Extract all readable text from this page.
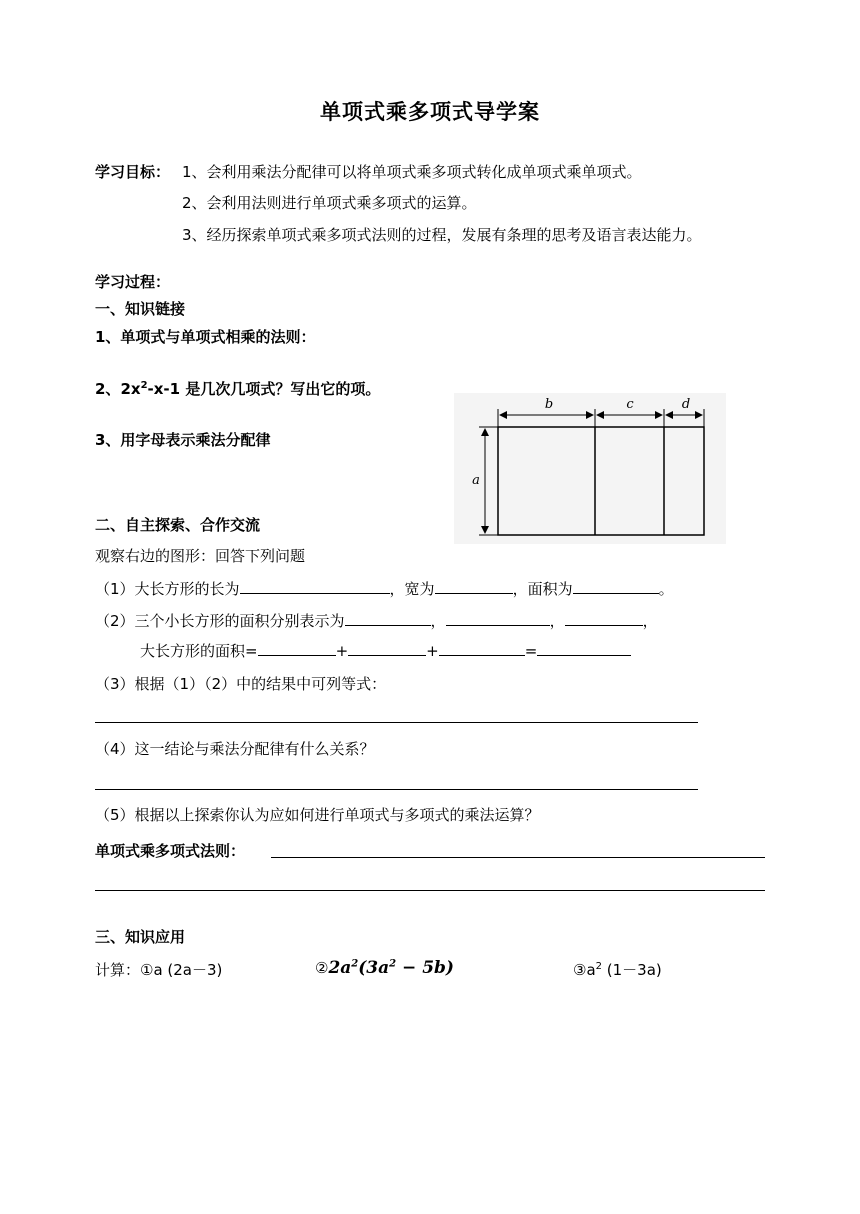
单项式乘多项式导学案
学习目标： 1、会利用乘法分配律可以将单项式乘多项式转化成单项式乘单项式。
2、会利用法则进行单项式乘多项式的运算。
3、经历探索单项式乘多项式法则的过程，发展有条理的思考及语言表达能力。
学习过程：
一、知识链接
1、单项式与单项式相乘的法则：
2、$2x^2-x-1$ 是几次几项式？写出它的项。
3、用字母表示乘法分配律
b	c	d
a
二、自主探索、合作交流
观察右边的图形：回答下列问题
（1）大长方形的长为	，宽为	，面积为	。
（2）三个小长方形的面积分别表示为	，	，	，
大长方形的面积=	+	+	=
（3）根据（1）（2）中的结果中可列等式：
（4）这一结论与乘法分配律有什么关系？
（5）根据以上探索你认为应如何进行单项式与多项式的乘法运算？
单项式乘多项式法则：
三、知识应用
计算： ①a (2a－3)	$②2a^2(3a^2 - 5b)$	$③a^2$ (1－3a)
